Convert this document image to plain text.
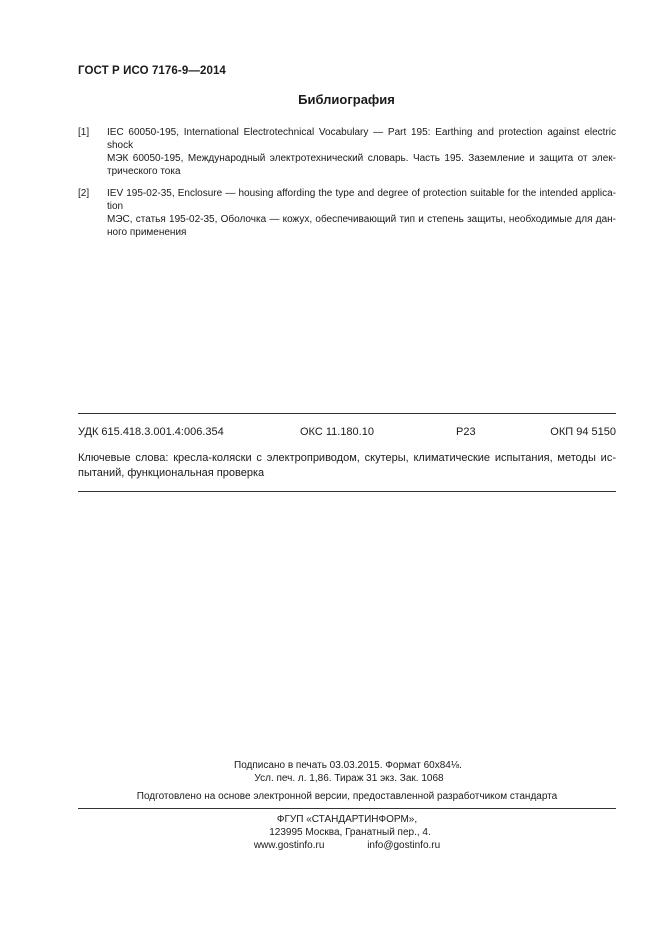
ГОСТ Р ИСО 7176-9—2014
Библиография
[1] IEC 60050-195, International Electrotechnical Vocabulary — Part 195: Earthing and protection against electric
shock
МЭК 60050-195, Международный электротехнический словарь. Часть 195. Заземление и защита от элек-
трического тока
[2] IEV 195-02-35, Enclosure — housing affording the type and degree of protection suitable for the intended applica-
tion
МЭС, статья 195-02-35, Оболочка — кожух, обеспечивающий тип и степень защиты, необходимые для дан-
ного применения
УДК 615.418.3.001.4:006.354	ОКС 11.180.10	Р23	ОКП 94 5150
Ключевые слова: кресла-коляски с электроприводом, скутеры, климатические испытания, методы ис-
пытаний, функциональная проверка
Подписано в печать 03.03.2015. Формат 60x84⅛.
Усл. печ. л. 1,86. Тираж 31 экз. Зак. 1068
Подготовлено на основе электронной версии, предоставленной разработчиком стандарта
ФГУП «СТАНДАРТИНФОРМ»,
123995 Москва, Гранатный пер., 4.
www.gostinfo.ru	info@gostinfo.ru
